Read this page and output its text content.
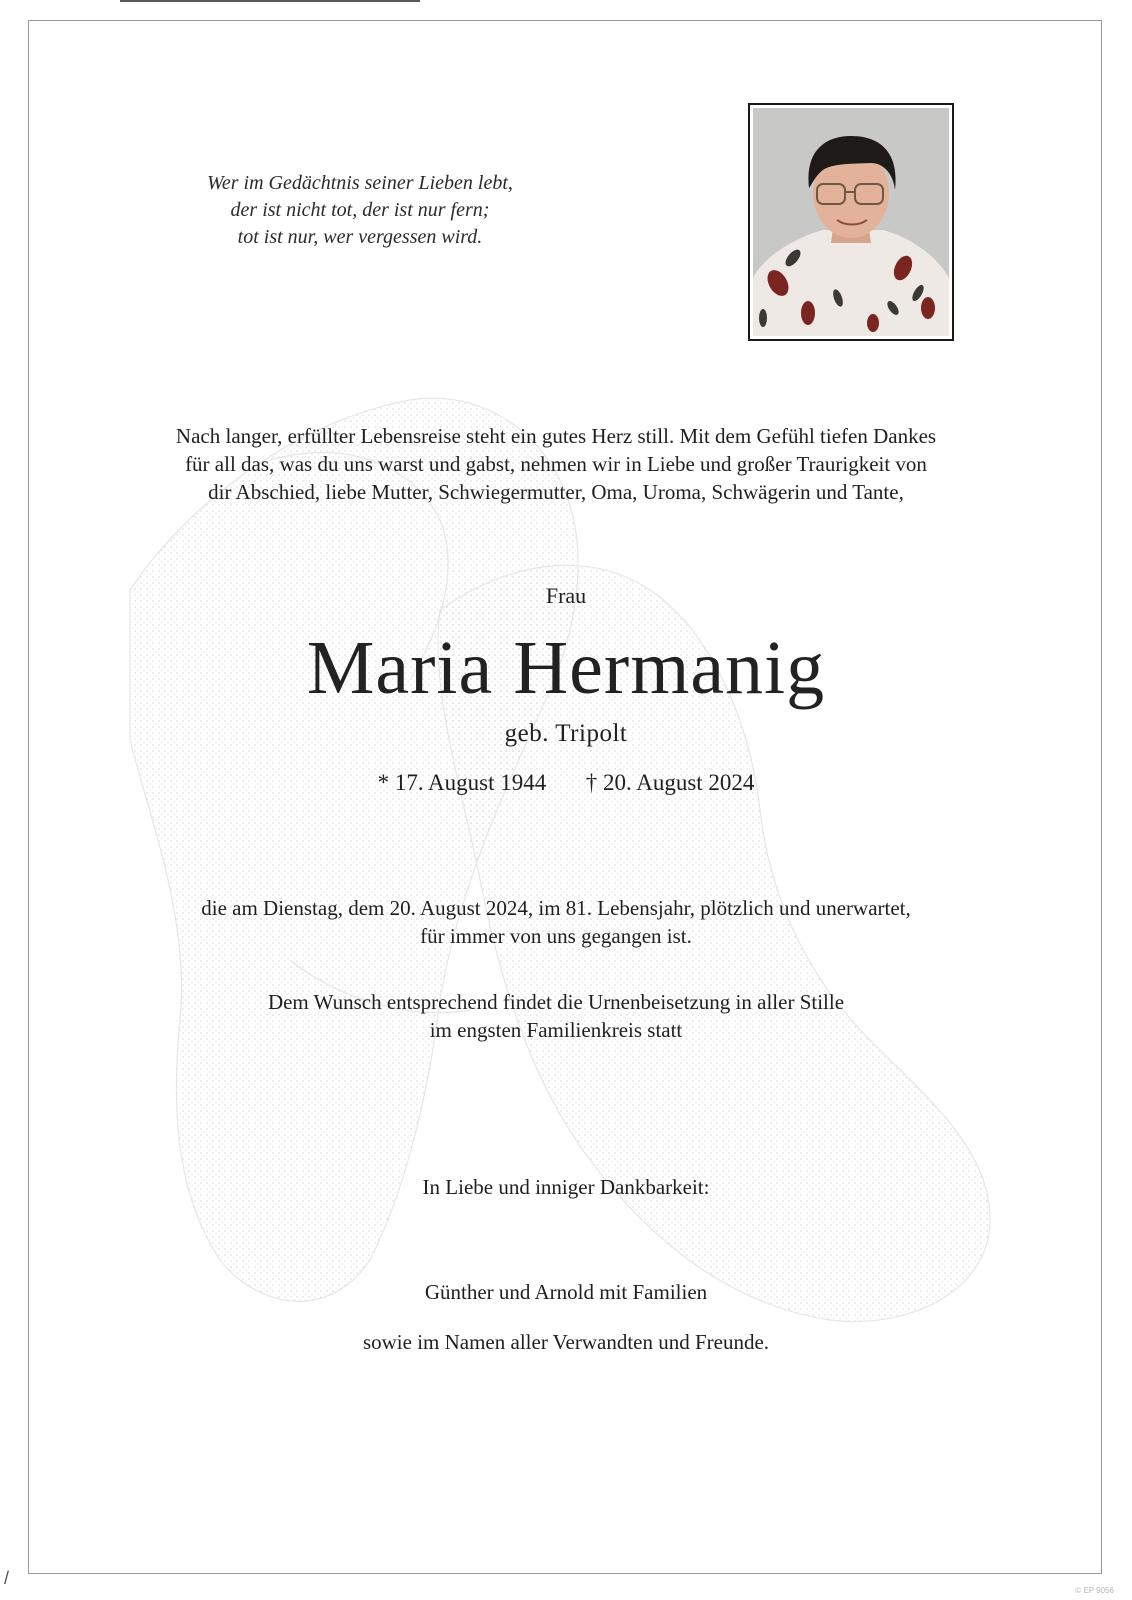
Wer im Gedächtnis seiner Lieben lebt,
der ist nicht tot, der ist nur fern;
tot ist nur, wer vergessen wird.
Nach langer, erfüllter Lebensreise steht ein gutes Herz still. Mit dem Gefühl tiefen Dankes
für all das, was du uns warst und gabst, nehmen wir in Liebe und großer Traurigkeit von
dir Abschied, liebe Mutter, Schwiegermutter, Oma, Uroma, Schwägerin und Tante,
Frau
Maria Hermanig
geb. Tripolt
* 17. August 1944 † 20. August 2024
die am Dienstag, dem 20. August 2024, im 81. Lebensjahr, plötzlich und unerwartet,
für immer von uns gegangen ist.
Dem Wunsch entsprechend findet die Urnenbeisetzung in aller Stille
im engsten Familienkreis statt
In Liebe und inniger Dankbarkeit:
Günther und Arnold mit Familien
sowie im Namen aller Verwandten und Freunde.
/
© EP 9056
